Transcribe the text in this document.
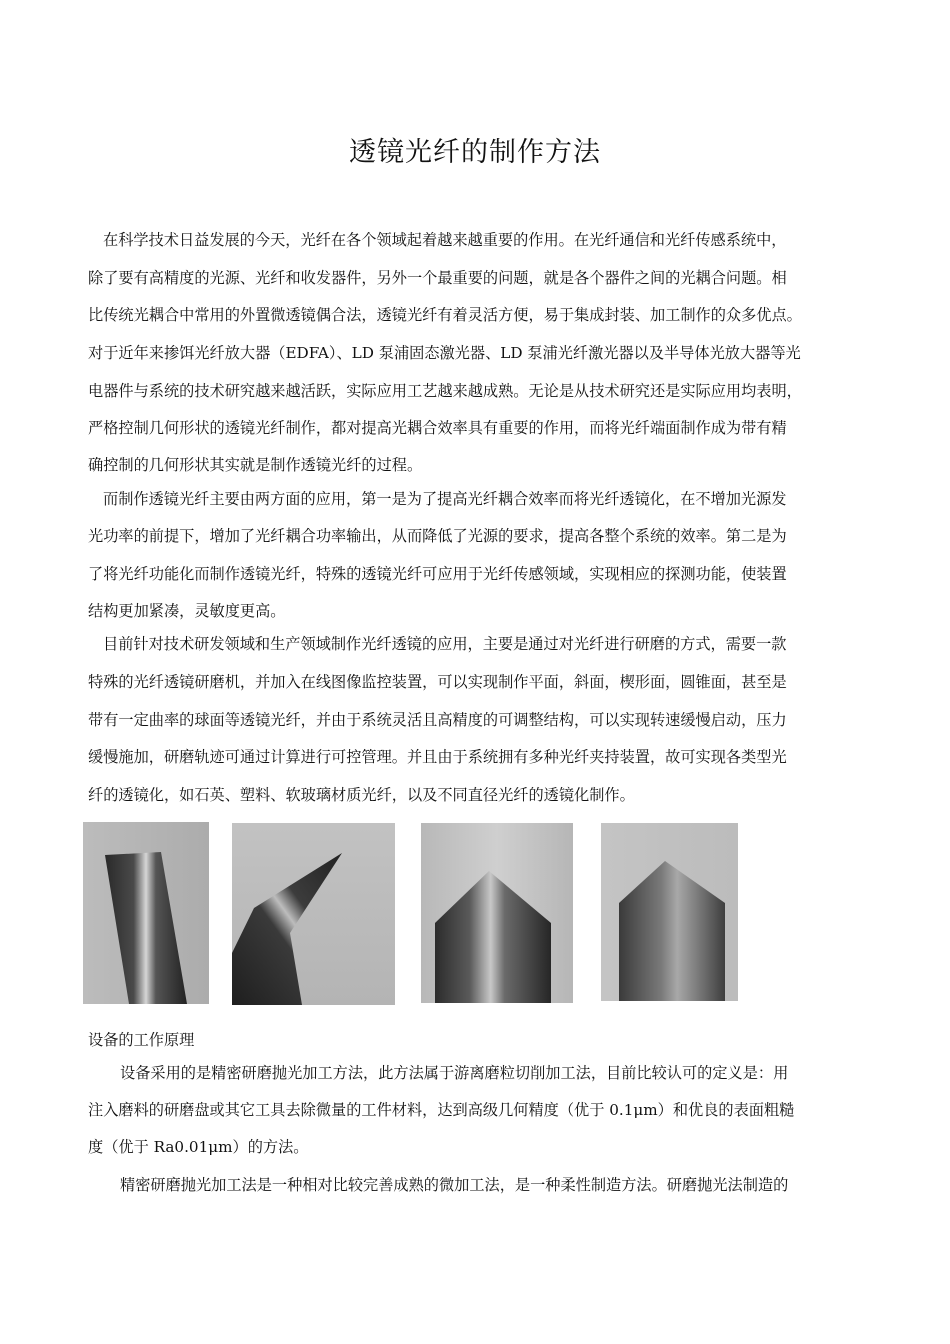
透镜光纤的制作方法
在科学技术日益发展的今天，光纤在各个领域起着越来越重要的作用。在光纤通信和光纤传感系统中，
除了要有高精度的光源、光纤和收发器件，另外一个最重要的问题，就是各个器件之间的光耦合问题。相
比传统光耦合中常用的外置微透镜偶合法，透镜光纤有着灵活方便，易于集成封装、加工制作的众多优点。
对于近年来掺饵光纤放大器（EDFA）、LD 泵浦固态激光器、LD 泵浦光纤激光器以及半导体光放大器等光
电器件与系统的技术研究越来越活跃，实际应用工艺越来越成熟。无论是从技术研究还是实际应用均表明，
严格控制几何形状的透镜光纤制作，都对提高光耦合效率具有重要的作用，而将光纤端面制作成为带有精
确控制的几何形状其实就是制作透镜光纤的过程。
而制作透镜光纤主要由两方面的应用，第一是为了提高光纤耦合效率而将光纤透镜化，在不增加光源发
光功率的前提下，增加了光纤耦合功率输出，从而降低了光源的要求，提高各整个系统的效率。第二是为
了将光纤功能化而制作透镜光纤，特殊的透镜光纤可应用于光纤传感领域，实现相应的探测功能，使装置
结构更加紧凑，灵敏度更高。
目前针对技术研发领域和生产领域制作光纤透镜的应用，主要是通过对光纤进行研磨的方式，需要一款
特殊的光纤透镜研磨机，并加入在线图像监控装置，可以实现制作平面，斜面，楔形面，圆锥面，甚至是
带有一定曲率的球面等透镜光纤，并由于系统灵活且高精度的可调整结构，可以实现转速缓慢启动，压力
缓慢施加，研磨轨迹可通过计算进行可控管理。并且由于系统拥有多种光纤夹持装置，故可实现各类型光
纤的透镜化，如石英、塑料、软玻璃材质光纤，以及不同直径光纤的透镜化制作。
设备的工作原理
设备采用的是精密研磨抛光加工方法，此方法属于游离磨粒切削加工法，目前比较认可的定义是：用
注入磨料的研磨盘或其它工具去除微量的工件材料，达到高级几何精度（优于 0.1μm）和优良的表面粗糙
度（优于 Ra0.01μm）的方法。
精密研磨抛光加工法是一种相对比较完善成熟的微加工法，是一种柔性制造方法。研磨抛光法制造的
